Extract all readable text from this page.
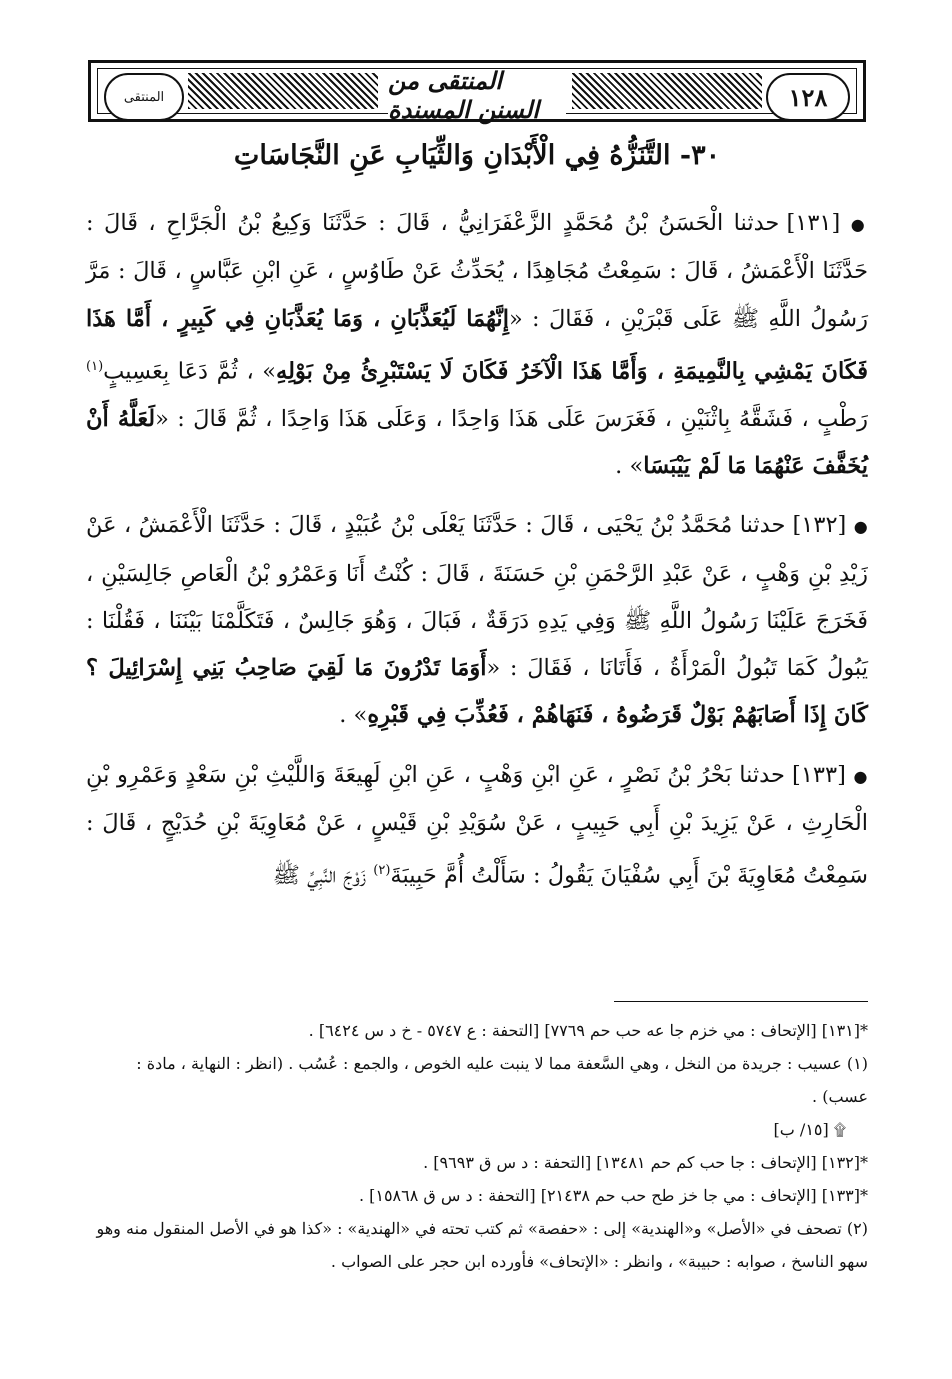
المنتقى
المنتقى من السنن المسندة	١٢٨
٣٠- التَّنَزُّهُ فِي الْأَبْدَانِ وَالثِّيَابِ عَنِ النَّجَاسَاتِ

● [١٣١] حدثنا الْحَسَنُ بْنُ مُحَمَّدٍ الزَّعْفَرَانِيُّ ، قَالَ : حَدَّثَنَا وَكِيعُ بْنُ الْجَرَّاحِ ، قَالَ : حَدَّثَنَا الْأَعْمَشُ ، قَالَ : سَمِعْتُ مُجَاهِدًا ، يُحَدِّثُ عَنْ طَاوُسٍ ، عَنِ ابْنِ عَبَّاسٍ ، قَالَ : مَرَّ رَسُولُ اللَّهِ ﷺ عَلَى قَبْرَيْنِ ، فَقَالَ : «إِنَّهُمَا لَيُعَذَّبَانِ ، وَمَا يُعَذَّبَانِ فِي كَبِيرٍ ، أَمَّا هَذَا فَكَانَ يَمْشِي بِالنَّمِيمَةِ ، وَأَمَّا هَذَا الْآخَرُ فَكَانَ لَا يَسْتَبْرِئُ مِنْ بَوْلِهِ» ، ثُمَّ دَعَا بِعَسِيبٍ$^{(١)}$ رَطْبٍ ، فَشَقَّهُ بِاثْنَيْنِ ، فَغَرَسَ عَلَى هَذَا وَاحِدًا ، وَعَلَى هَذَا وَاحِدًا ، ثُمَّ قَالَ : «لَعَلَّهُ أَنْ يُخَفَّفَ عَنْهُمَا مَا لَمْ يَيْبَسَا» .

● [١٣٢] حدثنا مُحَمَّدُ بْنُ يَحْيَى ، قَالَ : حَدَّثَنَا يَعْلَى بْنُ عُبَيْدٍ ، قَالَ : حَدَّثَنَا الْأَعْمَشُ ، عَنْ زَيْدِ بْنِ وَهْبٍ ، عَنْ عَبْدِ الرَّحْمَنِ بْنِ حَسَنَةَ ، قَالَ : كُنْتُ أَنَا وَعَمْرُو بْنُ الْعَاصِ جَالِسَيْنِ ، فَخَرَجَ عَلَيْنَا رَسُولُ اللَّهِ ﷺ وَفِي يَدِهِ دَرَقَةٌ ، فَبَالَ ، وَهُوَ جَالِسٌ ، فَتَكَلَّمْنَا بَيْنَنَا ، فَقُلْنَا : يَبُولُ كَمَا تَبُولُ الْمَرْأَةُ ، فَأَتَانَا ، فَقَالَ : «أَوَمَا تَدْرُونَ مَا لَقِيَ صَاحِبُ بَنِي إِسْرَائِيلَ ؟ كَانَ إِذَا أَصَابَهُمْ بَوْلٌ قَرَضُوهُ ، فَنَهَاهُمْ ، فَعُذِّبَ فِي قَبْرِهِ» .

● [١٣٣] حدثنا بَحْرُ بْنُ نَصْرٍ ، عَنِ ابْنِ وَهْبٍ ، عَنِ ابْنِ لَهِيعَةَ وَاللَّيْثِ بْنِ سَعْدٍ وَعَمْرِو بْنِ الْحَارِثِ ، عَنْ يَزِيدَ بْنِ أَبِي حَبِيبٍ ، عَنْ سُوَيْدِ بْنِ قَيْسٍ ، عَنْ مُعَاوِيَةَ بْنِ حُدَيْجٍ ، قَالَ : سَمِعْتُ مُعَاوِيَةَ بْنَ أَبِي سُفْيَانَ يَقُولُ : سَأَلْتُ أُمَّ حَبِيبَةَ$^{(٢)}$ زَوْجَ النَّبِيِّ ﷺ

*[١٣١] [الإتحاف : مي خزم جا عه حب حم ٧٧٦٩] [التحفة : ع ٥٧٤٧ - خ د س ٦٤٢٤] .

(١) عسيب : جريدة من النخل ، وهي السَّعفة مما لا ينبت عليه الخوص ، والجمع : عُسُب . (انظر : النهاية ، مادة : عسب) .

۩ [١٥/ ب]

*[١٣٢] [الإتحاف : جا حب كم حم ١٣٤٨١] [التحفة : د س ق ٩٦٩٣] .

*[١٣٣] [الإتحاف : مي جا خز طح حب حم ٢١٤٣٨] [التحفة : د س ق ١٥٨٦٨] .

(٢) تصحف في «الأصل» و«الهندية» إلى : «حفصة» ثم كتب تحته في «الهندية» : «كذا هو في الأصل المنقول منه وهو سهو الناسخ ، صوابه : حبيبة» ، وانظر : «الإتحاف» فأورده ابن حجر على الصواب .
